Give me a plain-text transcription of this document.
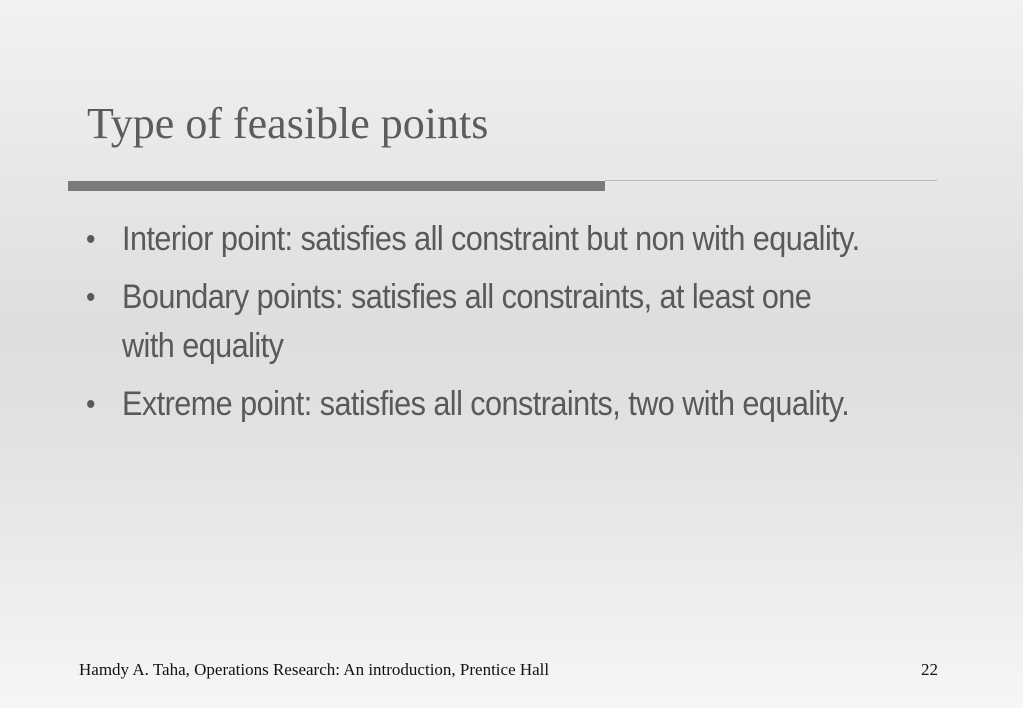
Type of feasible points
• Interior point: satisfies all constraint but non with equality.
• Boundary points: satisfies all constraints, at least one with equality
• Extreme point: satisfies all constraints, two with equality.
Hamdy A. Taha, Operations Research: An introduction, Prentice Hall	22
